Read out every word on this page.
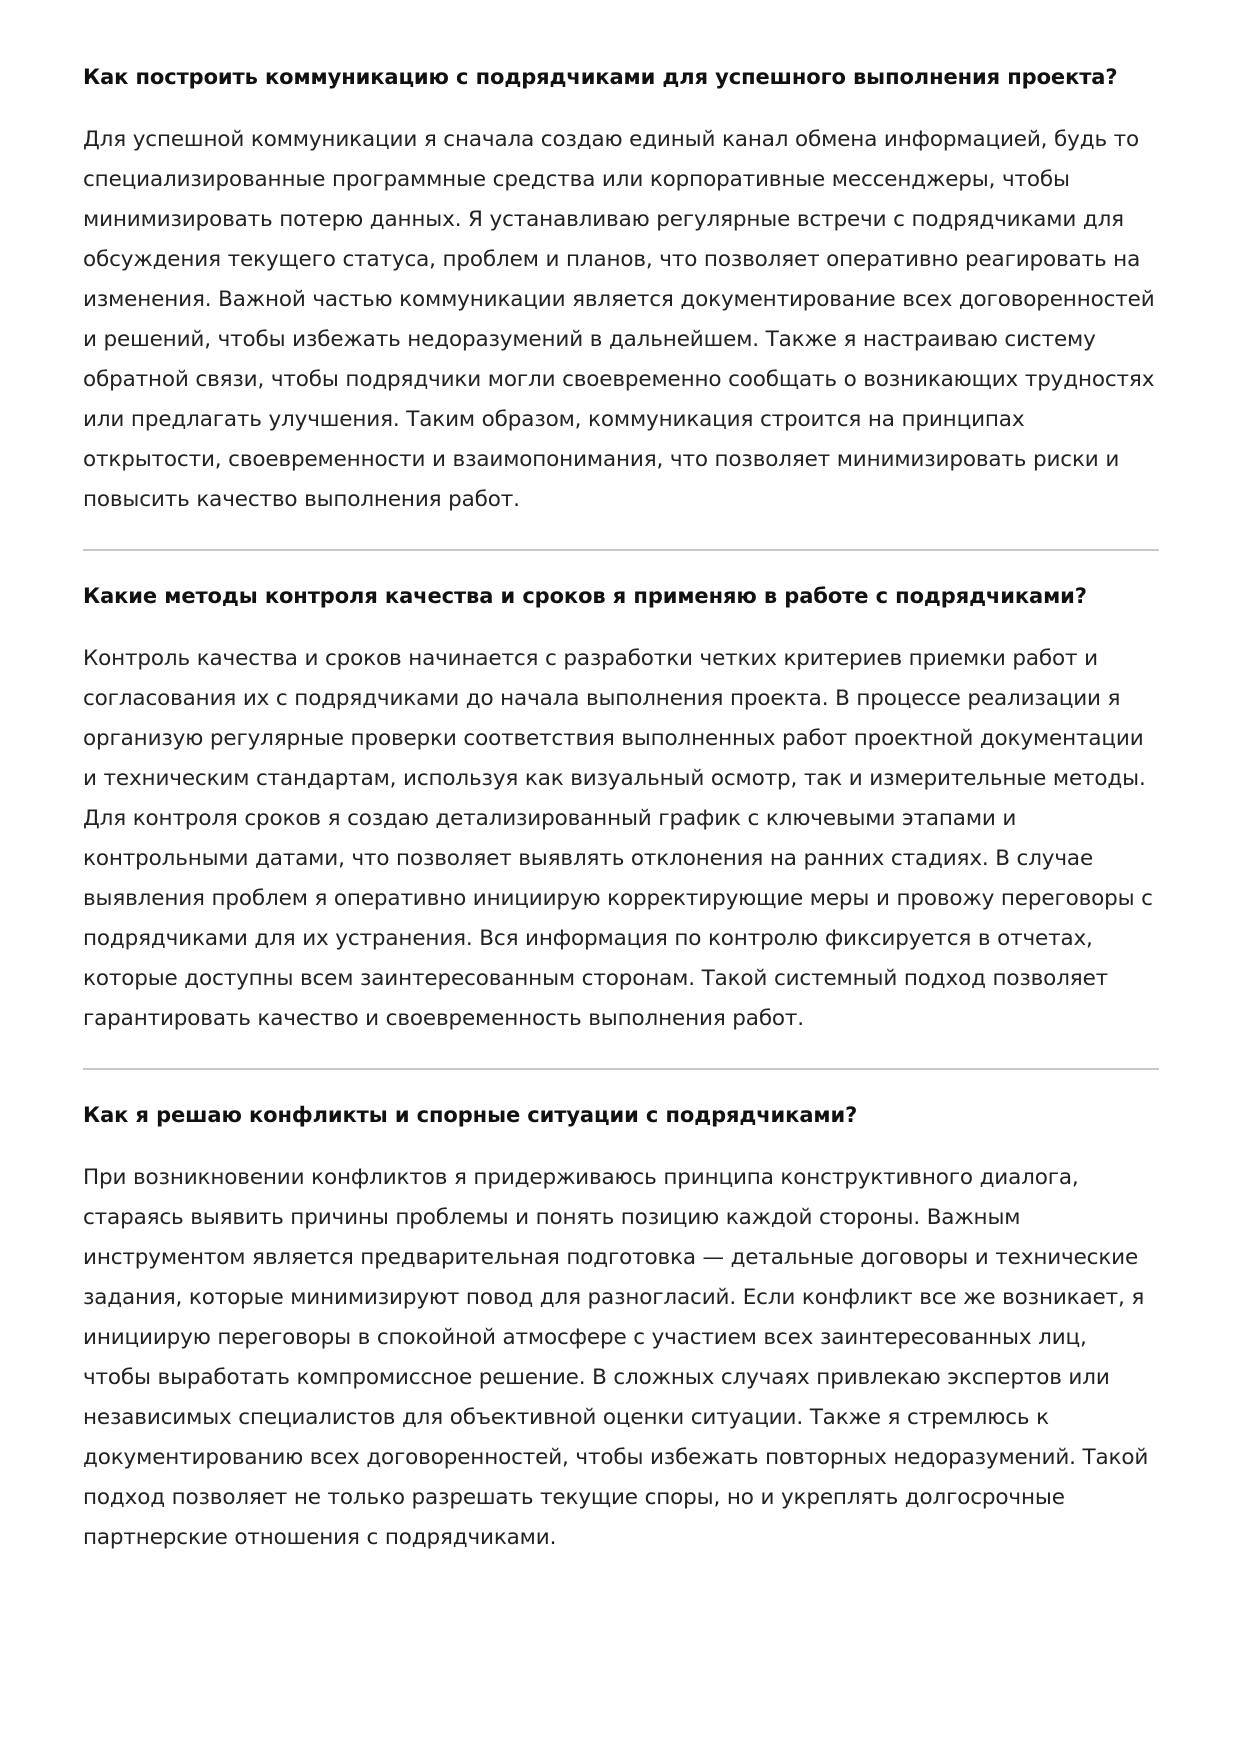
Как построить коммуникацию с подрядчиками для успешного выполнения проекта?

Для успешной коммуникации я сначала создаю единый канал обмена информацией, будь то специализированные программные средства или корпоративные мессенджеры, чтобы минимизировать потерю данных. Я устанавливаю регулярные встречи с подрядчиками для обсуждения текущего статуса, проблем и планов, что позволяет оперативно реагировать на изменения. Важной частью коммуникации является документирование всех договоренностей и решений, чтобы избежать недоразумений в дальнейшем. Также я настраиваю систему обратной связи, чтобы подрядчики могли своевременно сообщать о возникающих трудностях или предлагать улучшения. Таким образом, коммуникация строится на принципах открытости, своевременности и взаимопонимания, что позволяет минимизировать риски и повысить качество выполнения работ.

Какие методы контроля качества и сроков я применяю в работе с подрядчиками?

Контроль качества и сроков начинается с разработки четких критериев приемки работ и согласования их с подрядчиками до начала выполнения проекта. В процессе реализации я организую регулярные проверки соответствия выполненных работ проектной документации и техническим стандартам, используя как визуальный осмотр, так и измерительные методы. Для контроля сроков я создаю детализированный график с ключевыми этапами и контрольными датами, что позволяет выявлять отклонения на ранних стадиях. В случае выявления проблем я оперативно инициирую корректирующие меры и провожу переговоры с подрядчиками для их устранения. Вся информация по контролю фиксируется в отчетах, которые доступны всем заинтересованным сторонам. Такой системный подход позволяет гарантировать качество и своевременность выполнения работ.

Как я решаю конфликты и спорные ситуации с подрядчиками?

При возникновении конфликтов я придерживаюсь принципа конструктивного диалога, стараясь выявить причины проблемы и понять позицию каждой стороны. Важным инструментом является предварительная подготовка — детальные договоры и технические задания, которые минимизируют повод для разногласий. Если конфликт все же возникает, я инициирую переговоры в спокойной атмосфере с участием всех заинтересованных лиц, чтобы выработать компромиссное решение. В сложных случаях привлекаю экспертов или независимых специалистов для объективной оценки ситуации. Также я стремлюсь к документированию всех договоренностей, чтобы избежать повторных недоразумений. Такой подход позволяет не только разрешать текущие споры, но и укреплять долгосрочные партнерские отношения с подрядчиками.
